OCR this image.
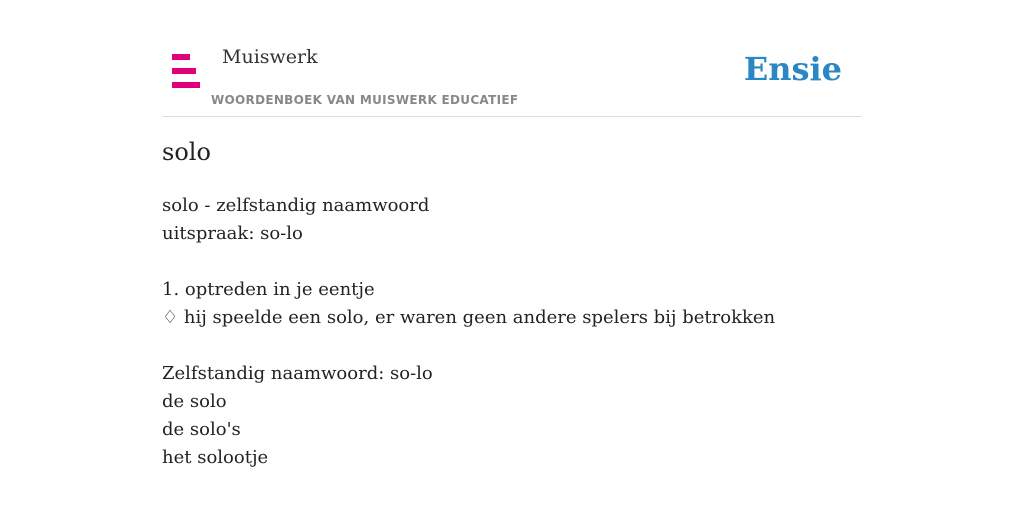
Muiswerk
WOORDENBOEK VAN MUISWERK EDUCATIEF
Ensie
solo
solo - zelfstandig naamwoord
uitspraak: so-lo
1. optreden in je eentje
♢ hij speelde een solo, er waren geen andere spelers bij betrokken
Zelfstandig naamwoord: so-lo
de solo
de solo's
het solootje
